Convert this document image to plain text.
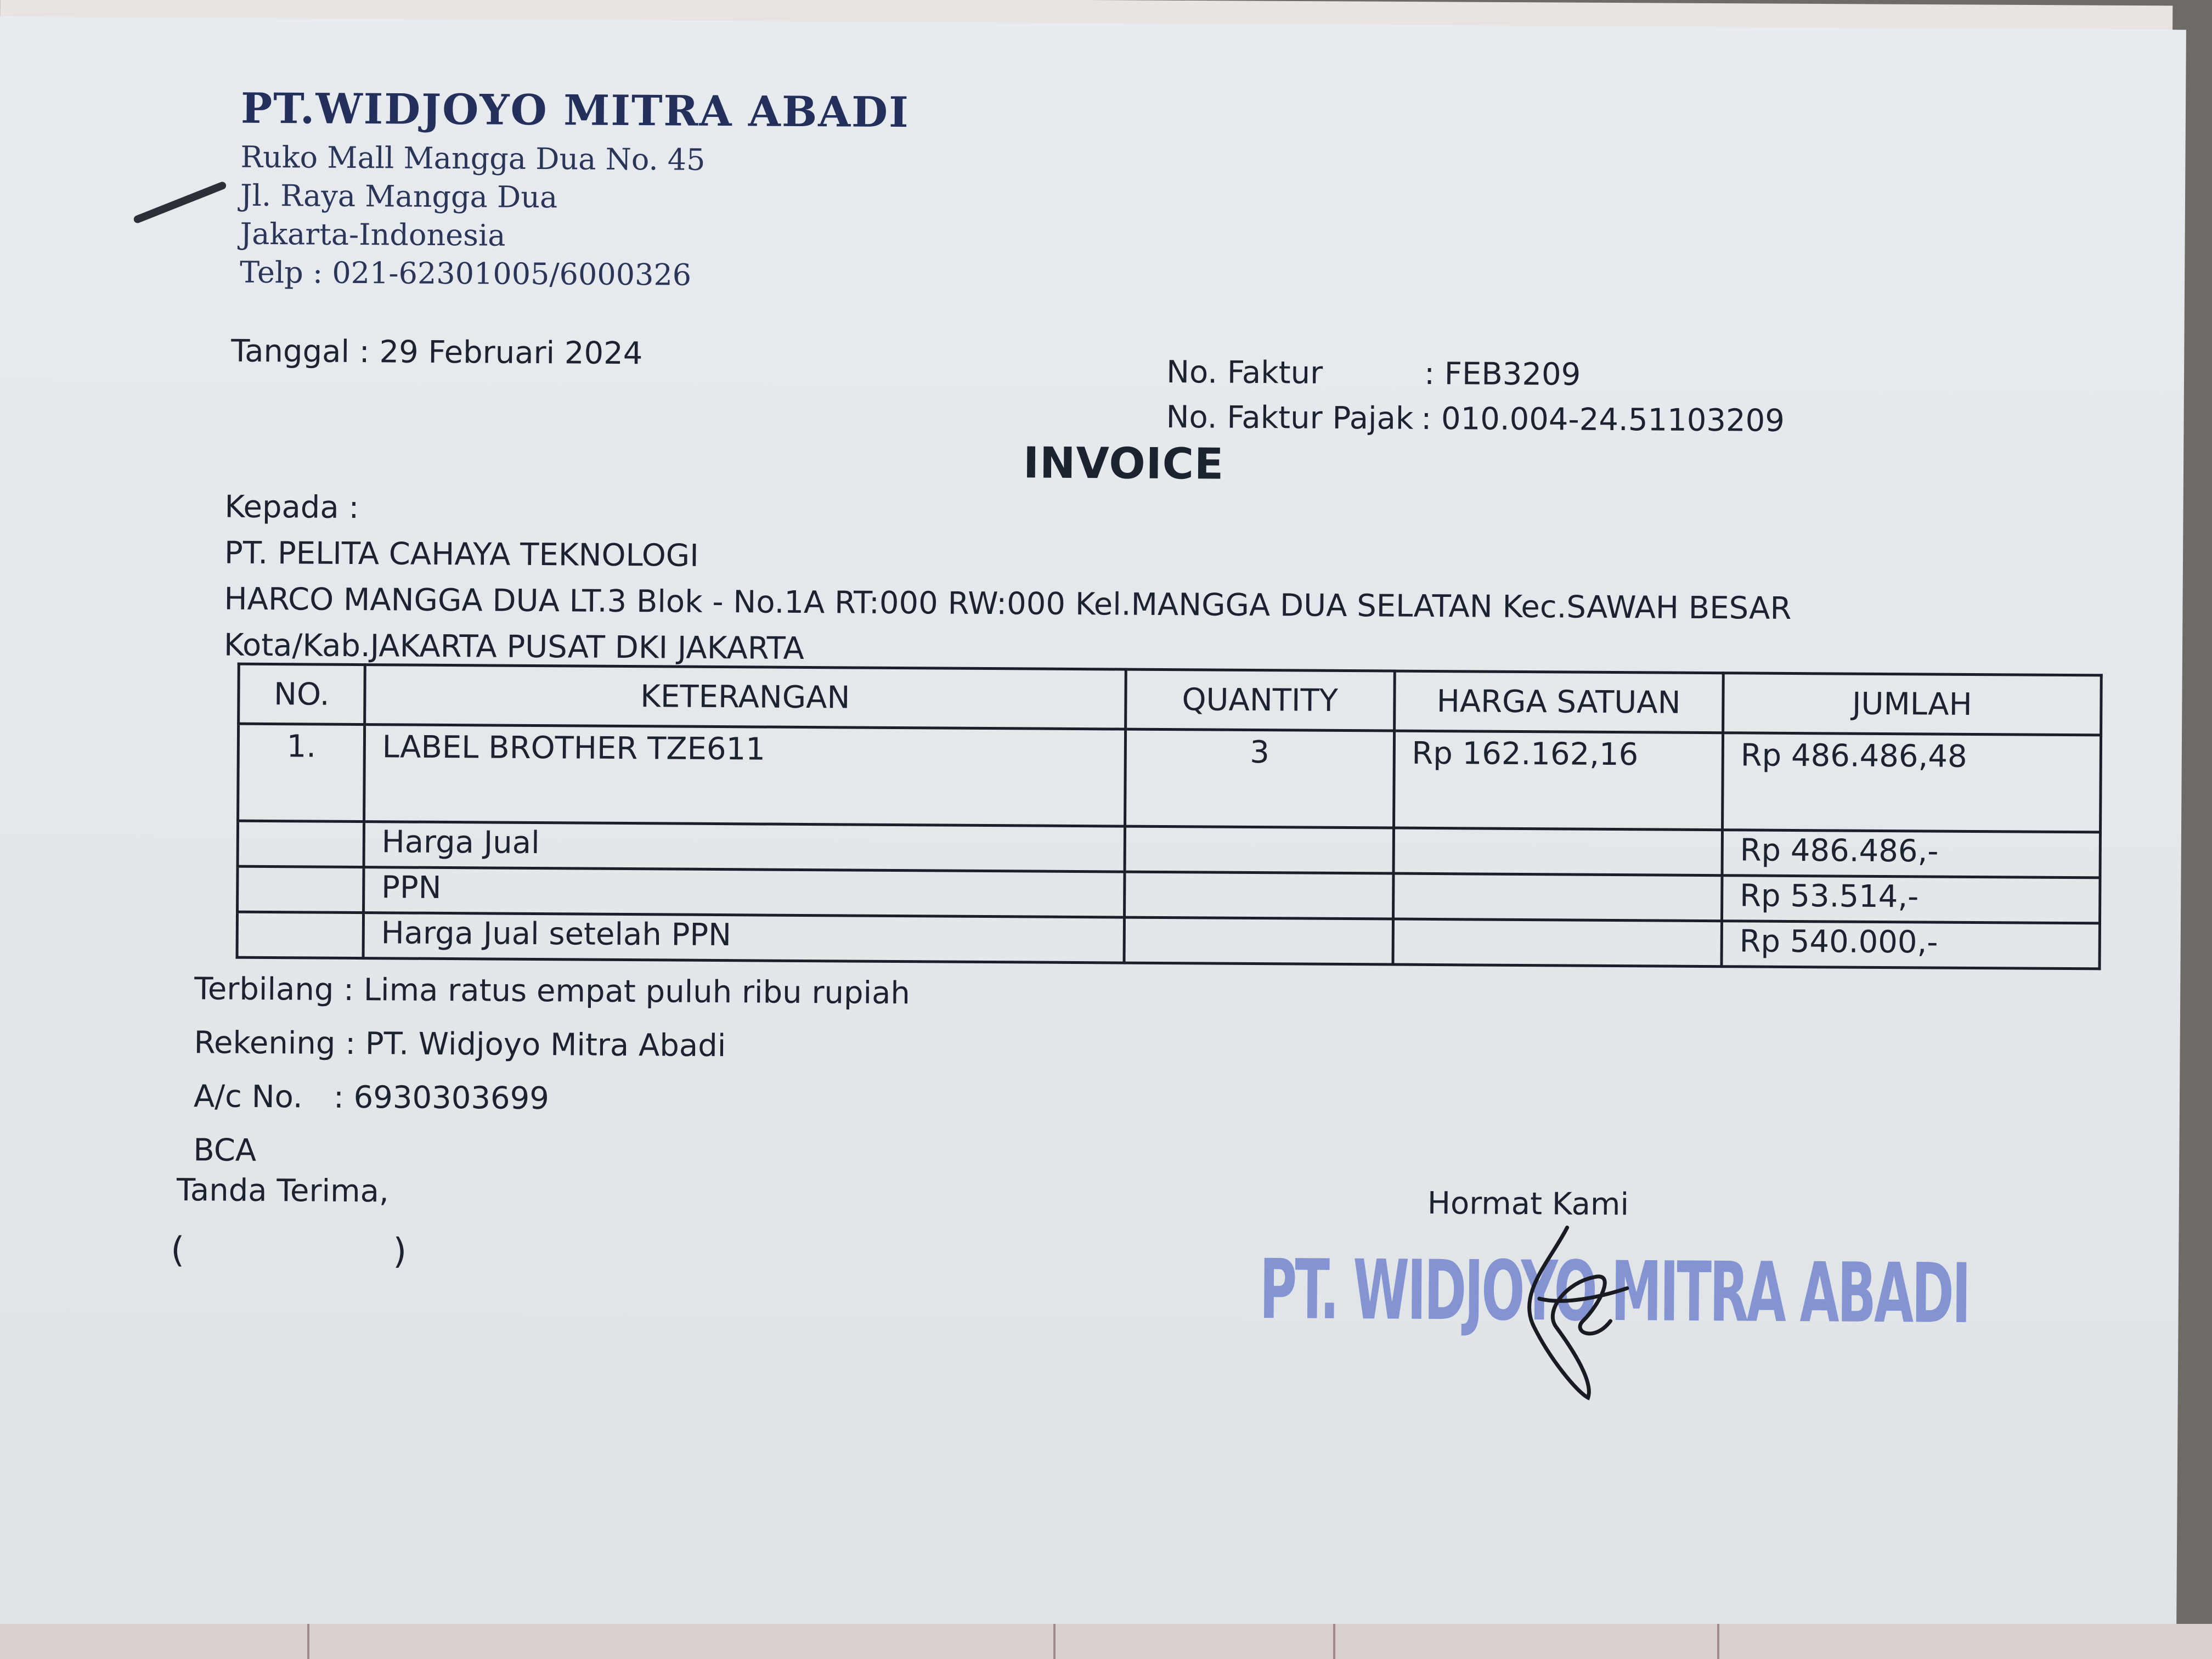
PT.WIDJOYO MITRA ABADI
Ruko Mall Mangga Dua No. 45
Jl. Raya Mangga Dua
Jakarta-Indonesia
Telp : 021-62301005/6000326
Tanggal : 29 Februari 2024
No. Faktur	: FEB3209
No. Faktur Pajak : 010.004-24.51103209
INVOICE
Kepada :
PT. PELITA CAHAYA TEKNOLOGI
HARCO MANGGA DUA LT.3 Blok - No.1A RT:000 RW:000 Kel.MANGGA DUA SELATAN Kec.SAWAH BESAR
Kota/Kab.JAKARTA PUSAT DKI JAKARTA
NO.	KETERANGAN	QUANTITY	HARGA SATUAN	JUMLAH
1.	LABEL BROTHER TZE611	3	Rp 162.162,16	Rp 486.486,48
	Harga Jual			Rp 486.486,-
	PPN			Rp 53.514,-
	Harga Jual setelah PPN			Rp 540.000,-
Terbilang : Lima ratus empat puluh ribu rupiah
Rekening : PT. Widjoyo Mitra Abadi
A/c No. : 6930303699
BCA
Tanda Terima,
(	)
Hormat Kami
PT. WIDJOYO MITRA ABADI
